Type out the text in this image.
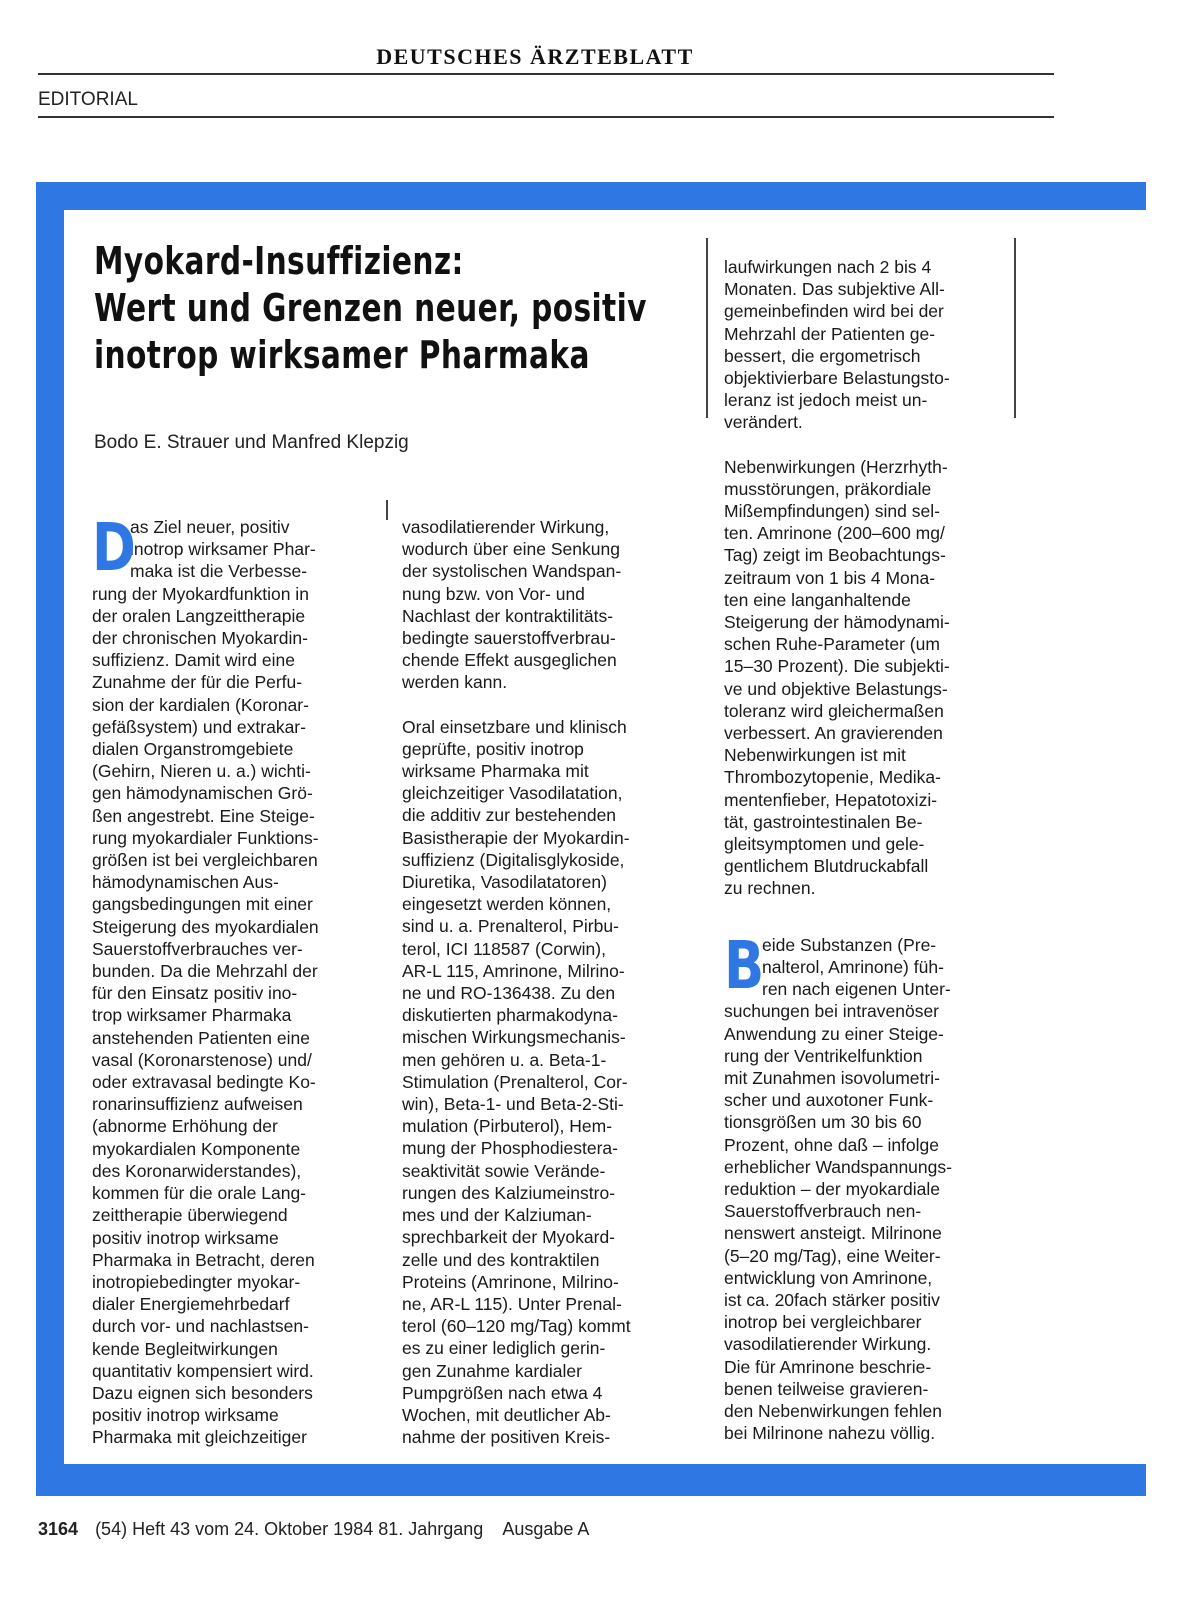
DEUTSCHES ÄRZTEBLATT
EDITORIAL
Myokard-Insuffizienz:
Wert und Grenzen neuer, positiv
inotrop wirksamer Pharmaka
Bodo E. Strauer und Manfred Klepzig
D

as Ziel neuer, positiv

inotrop wirksamer Phar-

maka ist die Verbesse-

rung der Myokardfunktion in

der oralen Langzeittherapie

der chronischen Myokardin-

suffizienz. Damit wird eine

Zunahme der für die Perfu-

sion der kardialen (Koronar-

gefäßsystem) und extrakar-

dialen Organstromgebiete

(Gehirn, Nieren u. a.) wichti-

gen hämodynamischen Grö-

ßen angestrebt. Eine Steige-

rung myokardialer Funktions-

größen ist bei vergleichbaren

hämodynamischen Aus-

gangsbedingungen mit einer

Steigerung des myokardialen

Sauerstoffverbrauches ver-

bunden. Da die Mehrzahl der

für den Einsatz positiv ino-

trop wirksamer Pharmaka

anstehenden Patienten eine

vasal (Koronarstenose) und/

oder extravasal bedingte Ko-

ronarinsuffizienz aufweisen

(abnorme Erhöhung der

myokardialen Komponente

des Koronarwiderstandes),

kommen für die orale Lang-

zeittherapie überwiegend

positiv inotrop wirksame

Pharmaka in Betracht, deren

inotropiebedingter myokar-

dialer Energiemehrbedarf

durch vor- und nachlastsen-

kende Begleitwirkungen

quantitativ kompensiert wird.

Dazu eignen sich besonders

positiv inotrop wirksame

Pharmaka mit gleichzeitiger

vasodilatierender Wirkung,

wodurch über eine Senkung

der systolischen Wandspan-

nung bzw. von Vor- und

Nachlast der kontraktilitäts-

bedingte sauerstoffverbrau-

chende Effekt ausgeglichen

werden kann.

Oral einsetzbare und klinisch

geprüfte, positiv inotrop

wirksame Pharmaka mit

gleichzeitiger Vasodilatation,

die additiv zur bestehenden

Basistherapie der Myokardin-

suffizienz (Digitalisglykoside,

Diuretika, Vasodilatatoren)

eingesetzt werden können,

sind u. a. Prenalterol, Pirbu-

terol, ICI 118587 (Corwin),

AR-L 115, Amrinone, Milrino-

ne und RO-136438. Zu den

diskutierten pharmakodyna-

mischen Wirkungsmechanis-

men gehören u. a. Beta-1-

Stimulation (Prenalterol, Cor-

win), Beta-1- und Beta-2-Sti-

mulation (Pirbuterol), Hem-

mung der Phosphodiestera-

seaktivität sowie Verände-

rungen des Kalziumeinstro-

mes und der Kalziuman-

sprechbarkeit der Myokard-

zelle und des kontraktilen

Proteins (Amrinone, Milrino-

ne, AR-L 115). Unter Prenal-

terol (60–120 mg/Tag) kommt

es zu einer lediglich gerin-

gen Zunahme kardialer

Pumpgrößen nach etwa 4

Wochen, mit deutlicher Ab-

nahme der positiven Kreis-

laufwirkungen nach 2 bis 4

Monaten. Das subjektive All-

gemeinbefinden wird bei der

Mehrzahl der Patienten ge-

bessert, die ergometrisch

objektivierbare Belastungsto-

leranz ist jedoch meist un-

verändert.

Nebenwirkungen (Herzrhyth-

musstörungen, präkordiale

Mißempfindungen) sind sel-

ten. Amrinone (200–600 mg/

Tag) zeigt im Beobachtungs-

zeitraum von 1 bis 4 Mona-

ten eine langanhaltende

Steigerung der hämodynami-

schen Ruhe-Parameter (um

15–30 Prozent). Die subjekti-

ve und objektive Belastungs-

toleranz wird gleichermaßen

verbessert. An gravierenden

Nebenwirkungen ist mit

Thrombozytopenie, Medika-

mentenfieber, Hepatotoxizi-

tät, gastrointestinalen Be-

gleitsymptomen und gele-

gentlichem Blutdruckabfall

zu rechnen.

B

eide Substanzen (Pre-

nalterol, Amrinone) füh-

ren nach eigenen Unter-

suchungen bei intravenöser

Anwendung zu einer Steige-

rung der Ventrikelfunktion

mit Zunahmen isovolumetri-

scher und auxotoner Funk-

tionsgrößen um 30 bis 60

Prozent, ohne daß – infolge

erheblicher Wandspannungs-

reduktion – der myokardiale

Sauerstoffverbrauch nen-

nenswert ansteigt. Milrinone

(5–20 mg/Tag), eine Weiter-

entwicklung von Amrinone,

ist ca. 20fach stärker positiv

inotrop bei vergleichbarer

vasodilatierender Wirkung.

Die für Amrinone beschrie-

benen teilweise gravieren-

den Nebenwirkungen fehlen

bei Milrinone nahezu völlig.

3164 (54) Heft 43 vom 24. Oktober 1984 81. Jahrgang Ausgabe A
